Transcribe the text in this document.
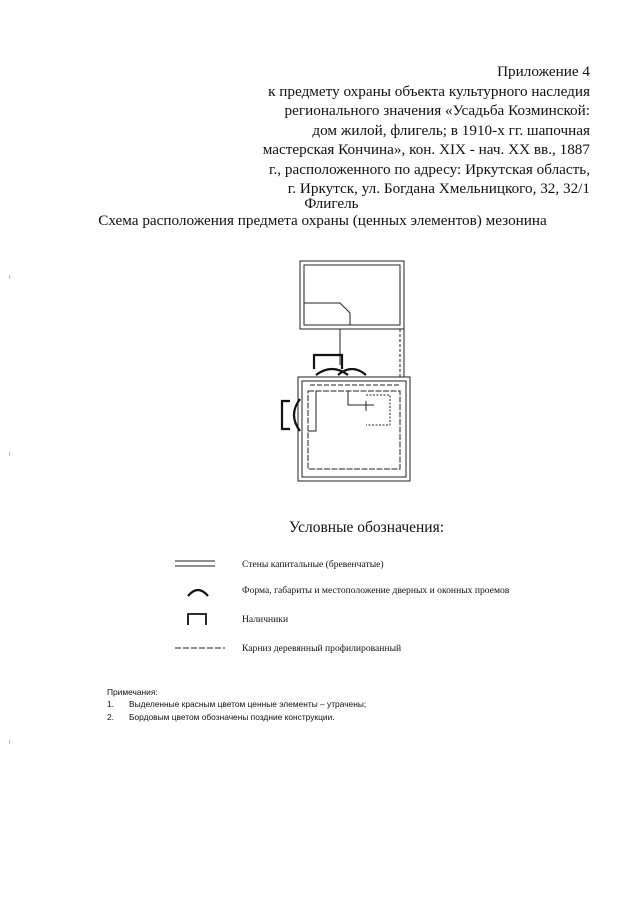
Приложение 4
к предмету охраны объекта культурного наследия
регионального значения «Усадьба Козминской:
дом жилой, флигель; в 1910-х гг. шапочная
мастерская Кончина», кон. XIX - нач. XX вв., 1887
г., расположенного по адресу: Иркутская область,
г. Иркутск, ул. Богдана Хмельницкого, 32, 32/1
Флигель
Схема расположения предмета охраны (ценных элементов) мезонина
Условные обозначения:
Стены капитальные (бревенчатые)
Форма, габариты и местоположение дверных и оконных проемов
Наличники
Карниз деревянный профилированный
Примечания:
1. Выделенные красным цветом ценные элементы – утрачены;
2. Бордовым цветом обозначены поздние конструкции.
